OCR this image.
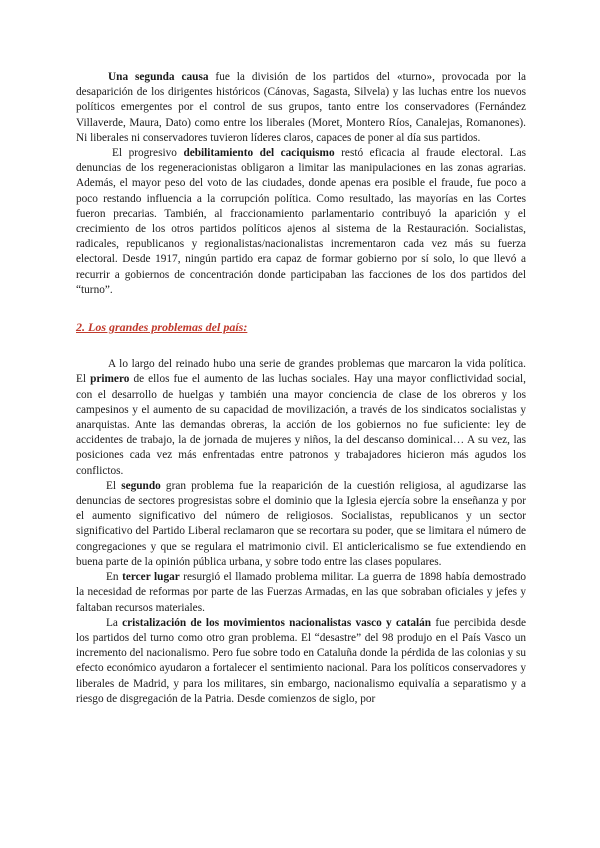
Una segunda causa fue la división de los partidos del «turno», provocada por la desaparición de los dirigentes históricos (Cánovas, Sagasta, Silvela) y las luchas entre los nuevos políticos emergentes por el control de sus grupos, tanto entre los conservadores (Fernández Villaverde, Maura, Dato) como entre los liberales (Moret, Montero Ríos, Canalejas, Romanones). Ni liberales ni conservadores tuvieron líderes claros, capaces de poner al día sus partidos.

El progresivo debilitamiento del caciquismo restó eficacia al fraude electoral. Las denuncias de los regeneracionistas obligaron a limitar las manipulaciones en las zonas agrarias. Además, el mayor peso del voto de las ciudades, donde apenas era posible el fraude, fue poco a poco restando influencia a la corrupción política. Como resultado, las mayorías en las Cortes fueron precarias. También, al fraccionamiento parlamentario contribuyó la aparición y el crecimiento de los otros partidos políticos ajenos al sistema de la Restauración. Socialistas, radicales, republicanos y regionalistas/nacionalistas incrementaron cada vez más su fuerza electoral. Desde 1917, ningún partido era capaz de formar gobierno por sí solo, lo que llevó a recurrir a gobiernos de concentración donde participaban las facciones de los dos partidos del “turno”.

2. Los grandes problemas del país:

A lo largo del reinado hubo una serie de grandes problemas que marcaron la vida política. El primero de ellos fue el aumento de las luchas sociales. Hay una mayor conflictividad social, con el desarrollo de huelgas y también una mayor conciencia de clase de los obreros y los campesinos y el aumento de su capacidad de movilización, a través de los sindicatos socialistas y anarquistas. Ante las demandas obreras, la acción de los gobiernos no fue suficiente: ley de accidentes de trabajo, la de jornada de mujeres y niños, la del descanso dominical… A su vez, las posiciones cada vez más enfrentadas entre patronos y trabajadores hicieron más agudos los conflictos.

El segundo gran problema fue la reaparición de la cuestión religiosa, al agudizarse las denuncias de sectores progresistas sobre el dominio que la Iglesia ejercía sobre la enseñanza y por el aumento significativo del número de religiosos. Socialistas, republicanos y un sector significativo del Partido Liberal reclamaron que se recortara su poder, que se limitara el número de congregaciones y que se regulara el matrimonio civil. El anticlericalismo se fue extendiendo en buena parte de la opinión pública urbana, y sobre todo entre las clases populares.

En tercer lugar resurgió el llamado problema militar. La guerra de 1898 había demostrado la necesidad de reformas por parte de las Fuerzas Armadas, en las que sobraban oficiales y jefes y faltaban recursos materiales.

La cristalización de los movimientos nacionalistas vasco y catalán fue percibida desde los partidos del turno como otro gran problema. El “desastre” del 98 produjo en el País Vasco un incremento del nacionalismo. Pero fue sobre todo en Cataluña donde la pérdida de las colonias y su efecto económico ayudaron a fortalecer el sentimiento nacional. Para los políticos conservadores y liberales de Madrid, y para los militares, sin embargo, nacionalismo equivalía a separatismo y a riesgo de disgregación de la Patria. Desde comienzos de siglo, por
